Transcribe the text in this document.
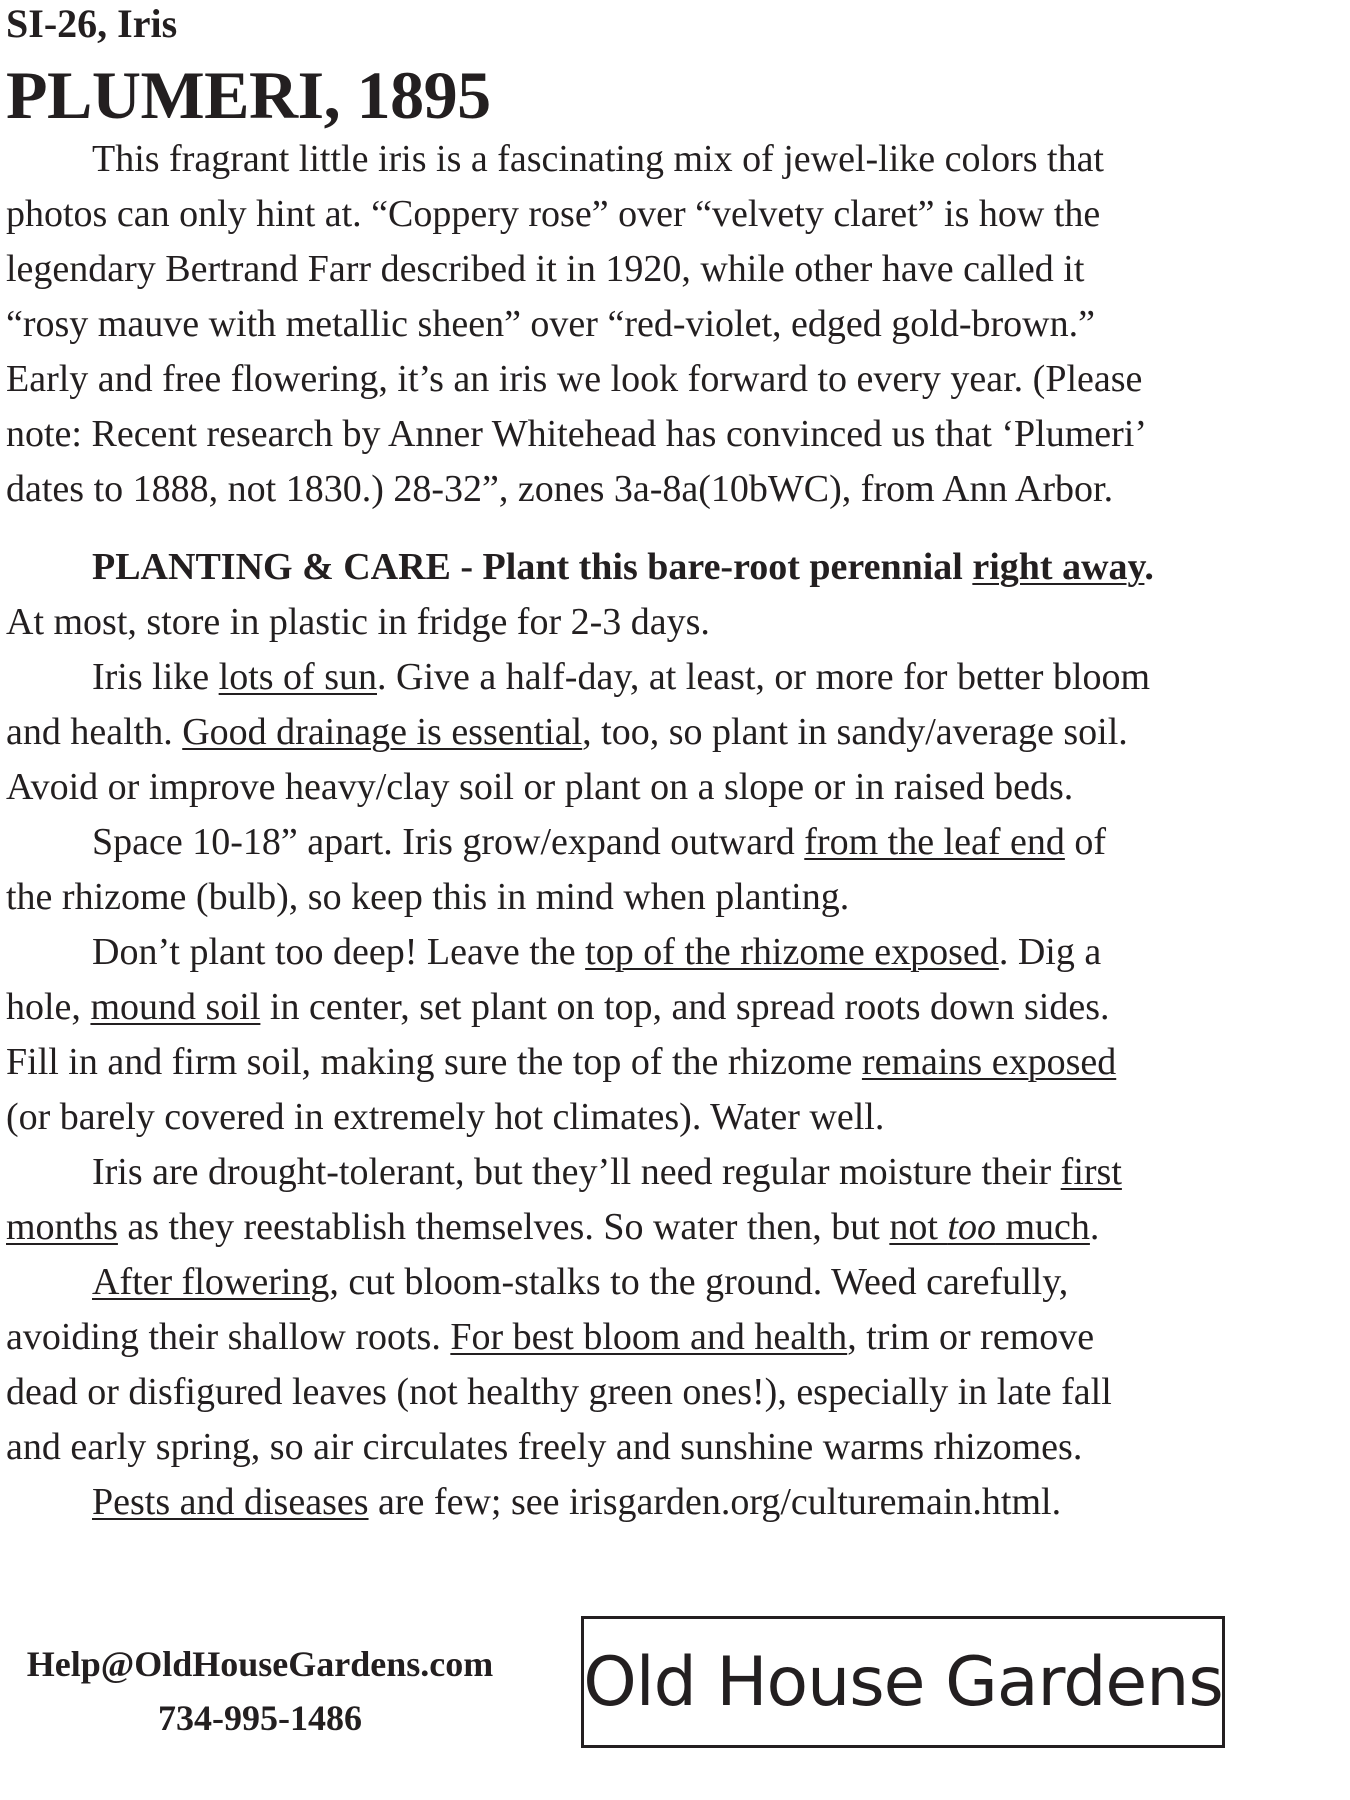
SI-26, Iris
PLUMERI, 1895
This fragrant little iris is a fascinating mix of jewel-like colors that
photos can only hint at. “Coppery rose” over “velvety claret” is how the
legendary Bertrand Farr described it in 1920, while other have called it
“rosy mauve with metallic sheen” over “red-violet, edged gold-brown.”
Early and free flowering, it’s an iris we look forward to every year. (Please
note: Recent research by Anner Whitehead has convinced us that ‘Plumeri’
dates to 1888, not 1830.) 28-32”, zones 3a-8a(10bWC), from Ann Arbor.
PLANTING & CARE - Plant this bare-root perennial right away.
At most, store in plastic in fridge for 2-3 days.
Iris like lots of sun. Give a half-day, at least, or more for better bloom
and health. Good drainage is essential, too, so plant in sandy/average soil.
Avoid or improve heavy/clay soil or plant on a slope or in raised beds.
Space 10-18” apart. Iris grow/expand outward from the leaf end of
the rhizome (bulb), so keep this in mind when planting.
Don’t plant too deep! Leave the top of the rhizome exposed. Dig a
hole, mound soil in center, set plant on top, and spread roots down sides.
Fill in and firm soil, making sure the top of the rhizome remains exposed
(or barely covered in extremely hot climates). Water well.
Iris are drought-tolerant, but they’ll need regular moisture their first
months as they reestablish themselves. So water then, but not too much.
After flowering, cut bloom-stalks to the ground. Weed carefully,
avoiding their shallow roots. For best bloom and health, trim or remove
dead or disfigured leaves (not healthy green ones!), especially in late fall
and early spring, so air circulates freely and sunshine warms rhizomes.
Pests and diseases are few; see irisgarden.org/culturemain.html.
Help@OldHouseGardens.com
734-995-1486	Old House Gardens
